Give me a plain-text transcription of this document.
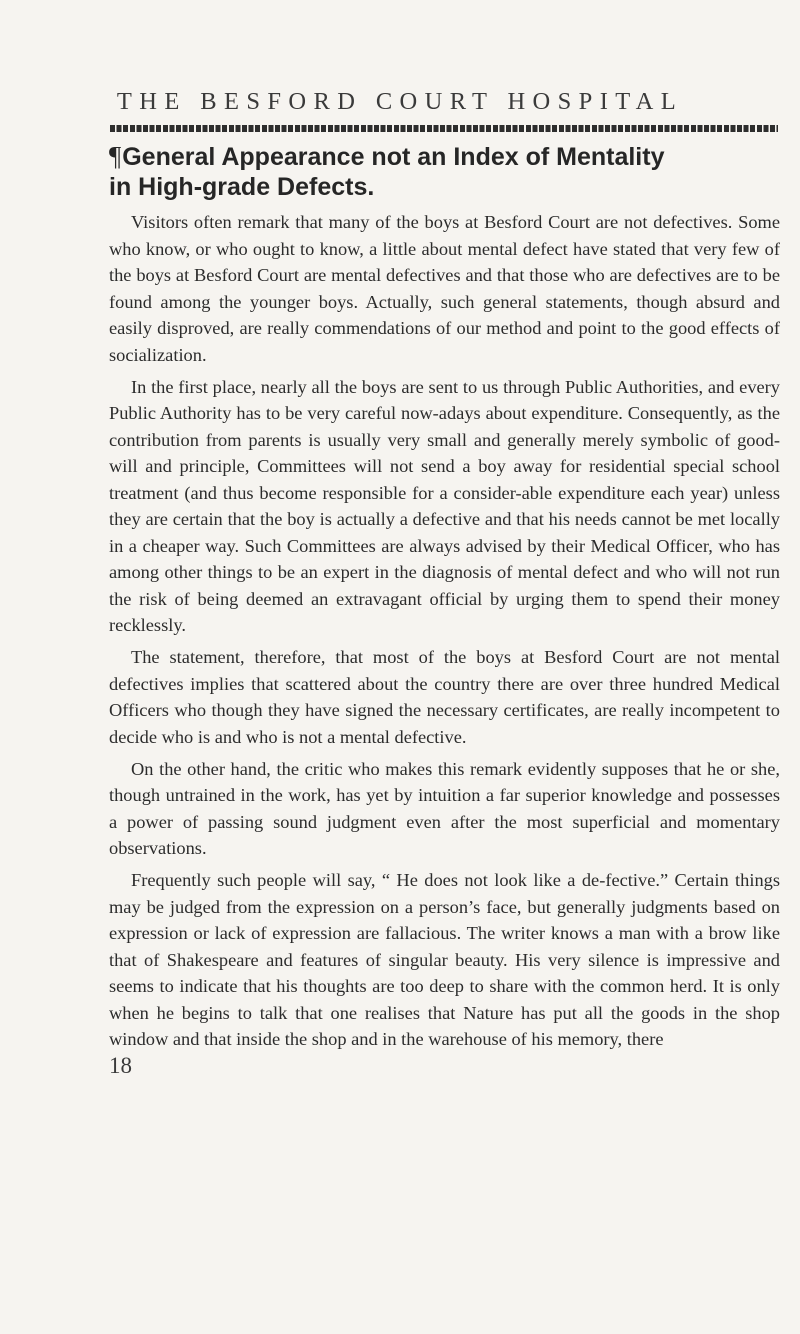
THE BESFORD COURT HOSPITAL
¶General Appearance not an Index of Mentality
in High-grade Defects.

Visitors often remark that many of the boys at Besford Court are not defectives. Some who know, or who ought to know, a little about mental defect have stated that very few of the boys at Besford Court are mental defectives and that those who are defectives are to be found among the younger boys. Actually, such general statements, though absurd and easily disproved, are really commendations of our method and point to the good effects of socialization.

In the first place, nearly all the boys are sent to us through Public Authorities, and every Public Authority has to be very careful now-adays about expenditure. Consequently, as the contribution from parents is usually very small and generally merely symbolic of good-will and principle, Committees will not send a boy away for residential special school treatment (and thus become responsible for a consider-able expenditure each year) unless they are certain that the boy is actually a defective and that his needs cannot be met locally in a cheaper way. Such Committees are always advised by their Medical Officer, who has among other things to be an expert in the diagnosis of mental defect and who will not run the risk of being deemed an extravagant official by urging them to spend their money recklessly.

The statement, therefore, that most of the boys at Besford Court are not mental defectives implies that scattered about the country there are over three hundred Medical Officers who though they have signed the necessary certificates, are really incompetent to decide who is and who is not a mental defective.

On the other hand, the critic who makes this remark evidently supposes that he or she, though untrained in the work, has yet by intuition a far superior knowledge and possesses a power of passing sound judgment even after the most superficial and momentary observations.

Frequently such people will say, “ He does not look like a de-fective.” Certain things may be judged from the expression on a person’s face, but generally judgments based on expression or lack of expression are fallacious. The writer knows a man with a brow like that of Shakespeare and features of singular beauty. His very silence is impressive and seems to indicate that his thoughts are too deep to share with the common herd. It is only when he begins to talk that one realises that Nature has put all the goods in the shop window and that inside the shop and in the warehouse of his memory, there

18
